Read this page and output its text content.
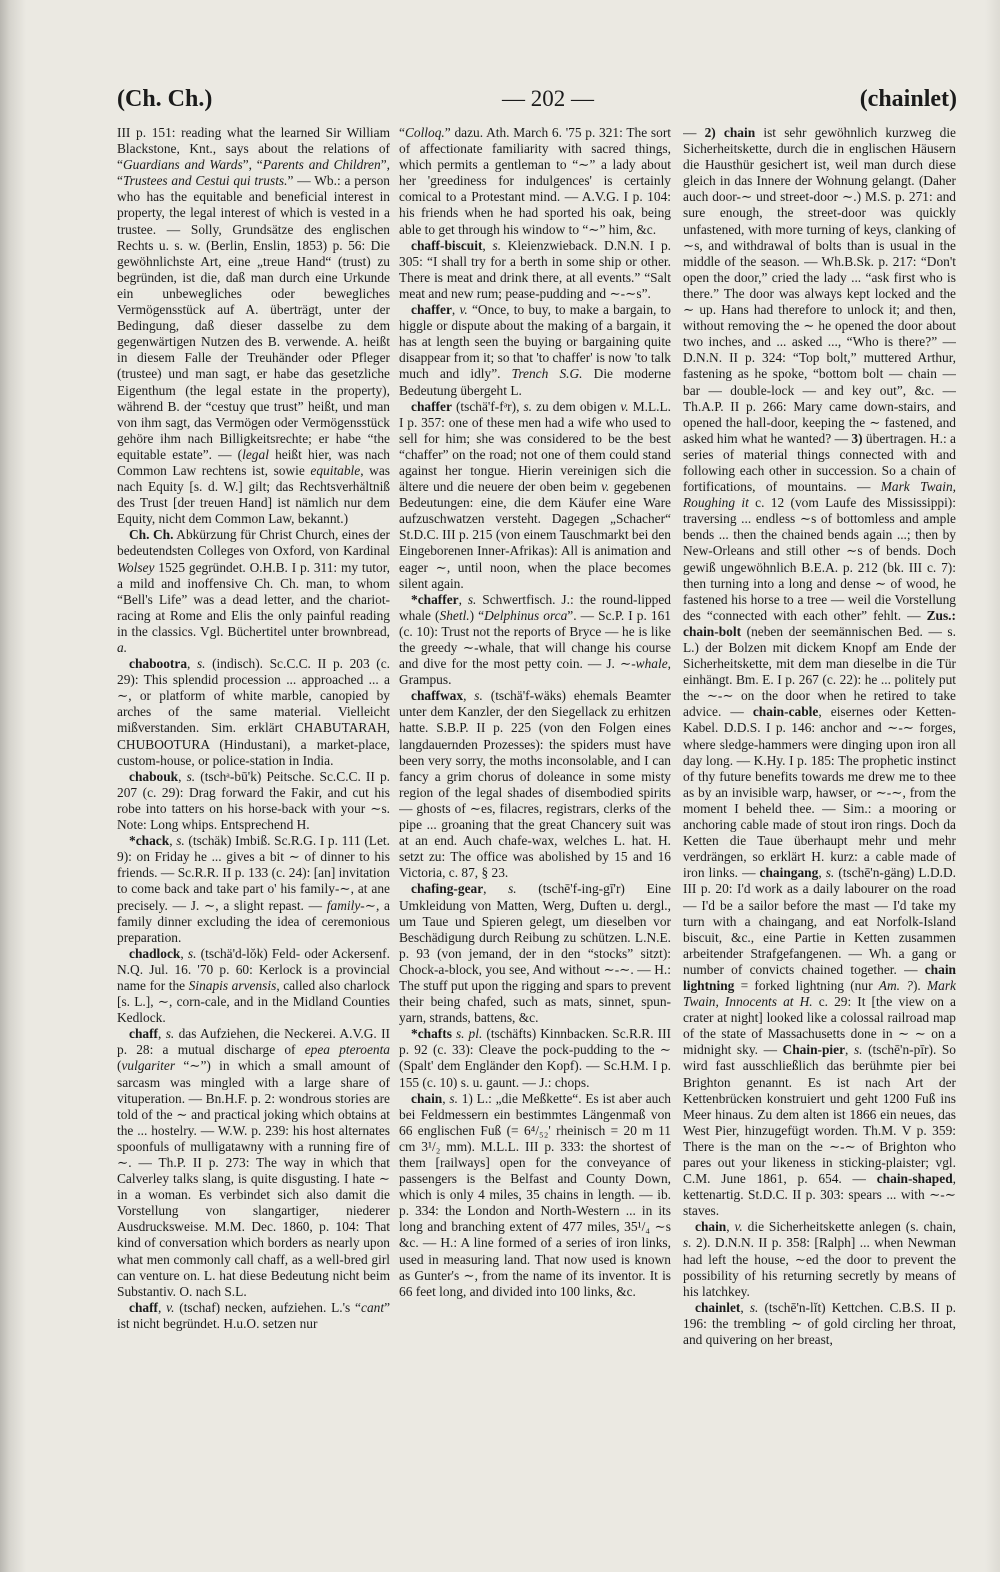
(Ch. Ch.)	— 202 —	(chainlet)

III p. 151: reading what the learned Sir William Blackstone, Knt., says about the relations of “Guardians and Wards”, “Parents and Children”, “Trustees and Cestui qui trusts.” — Wb.: a person who has the equitable and beneficial interest in property, the legal interest of which is vested in a trustee. — Solly, Grundsätze des englischen Rechts u. s. w. (Berlin, Enslin, 1853) p. 56: Die gewöhnlichste Art, eine „treue Hand“ (trust) zu begründen, ist die, daß man durch eine Urkunde ein unbewegliches oder bewegliches Vermögensstück auf A. überträgt, unter der Bedingung, daß dieser dasselbe zu dem gegenwärtigen Nutzen des B. verwende. A. heißt in diesem Falle der Treuhänder oder Pfleger (trustee) und man sagt, er habe das gesetzliche Eigenthum (the legal estate in the property), während B. der “cestuy que trust” heißt, und man von ihm sagt, das Vermögen oder Vermögensstück gehöre ihm nach Billigkeitsrechte; er habe “the equitable estate”. — (legal heißt hier, was nach Common Law rechtens ist, sowie equitable, was nach Equity [s. d. W.] gilt; das Rechtsverhältniß des Trust [der treuen Hand] ist nämlich nur dem Equity, nicht dem Common Law, bekannt.)

Ch. Ch. Abkürzung für Christ Church, eines der bedeutendsten Colleges von Oxford, von Kardinal Wolsey 1525 gegründet. O.H.B. I p. 311: my tutor, a mild and inoffensive Ch. Ch. man, to whom “Bell's Life” was a dead letter, and the chariot-racing at Rome and Elis the only painful reading in the classics. Vgl. Büchertitel unter brownbread, a.

chabootra, s. (indisch). Sc.C.C. II p. 203 (c. 29): This splendid procession ... approached ... a ∼, or platform of white marble, canopied by arches of the same material. Vielleicht mißverstanden. Sim. erklärt CHABUTARAH, CHUBOOTURA (Hindustani), a market-place, custom-house, or police-station in India.

chabouk, s. (tschᵃ-bū'k) Peitsche. Sc.C.C. II p. 207 (c. 29): Drag forward the Fakir, and cut his robe into tatters on his horse-back with your ∼s. Note: Long whips. Entsprechend H.

*chack, s. (tschäk) Imbiß. Sc.R.G. I p. 111 (Let. 9): on Friday he ... gives a bit ∼ of dinner to his friends. — Sc.R.R. II p. 133 (c. 24): [an] invitation to come back and take part o' his family-∼, at ane precisely. — J. ∼, a slight repast. — family-∼, a family dinner excluding the idea of ceremonious preparation.

chadlock, s. (tschä'd-lŏk) Feld- oder Ackersenf. N.Q. Jul. 16. '70 p. 60: Kerlock is a provincial name for the Sinapis arvensis, called also charlock [s. L.], ∼, corn-cale, and in the Midland Counties Kedlock.

chaff, s. das Aufziehen, die Neckerei. A.V.G. II p. 28: a mutual discharge of epea pteroenta (vulgariter “∼”) in which a small amount of sarcasm was mingled with a large share of vituperation. — Bn.H.F. p. 2: wondrous stories are told of the ∼ and practical joking which obtains at the ... hostelry. — W.W. p. 239: his host alternates spoonfuls of mulligatawny with a running fire of ∼. — Th.P. II p. 273: The way in which that Calverley talks slang, is quite disgusting. I hate ∼ in a woman. Es verbindet sich also damit die Vorstellung von slangartiger, niederer Ausdrucksweise. M.M. Dec. 1860, p. 104: That kind of conversation which borders as nearly upon what men commonly call chaff, as a well-bred girl can venture on. L. hat diese Bedeutung nicht beim Substantiv. O. nach S.L.

chaff, v. (tschaf) necken, aufziehen. L.'s “cant” ist nicht begründet. H.u.O. setzen nur

“Colloq.” dazu. Ath. March 6. '75 p. 321: The sort of affectionate familiarity with sacred things, which permits a gentleman to “∼” a lady about her 'greediness for indulgences' is certainly comical to a Protestant mind. — A.V.G. I p. 104: his friends when he had sported his oak, being able to get through his window to “∼” him, &c.

chaff-biscuit, s. Kleienzwieback. D.N.N. I p. 305: “I shall try for a berth in some ship or other. There is meat and drink there, at all events.” “Salt meat and new rum; pease-pudding and ∼-∼s”.

chaffer, v. “Once, to buy, to make a bargain, to higgle or dispute about the making of a bargain, it has at length seen the buying or bargaining quite disappear from it; so that 'to chaffer' is now 'to talk much and idly”. Trench S.G. Die moderne Bedeutung übergeht L.

chaffer (tschä'f-fᵊr), s. zu dem obigen v. M.L.L. I p. 357: one of these men had a wife who used to sell for him; she was considered to be the best “chaffer” on the road; not one of them could stand against her tongue. Hierin vereinigen sich die ältere und die neuere der oben beim v. gegebenen Bedeutungen: eine, die dem Käufer eine Ware aufzuschwatzen versteht. Dagegen „Schacher“ St.D.C. III p. 215 (von einem Tauschmarkt bei den Eingeborenen Inner-Afrikas): All is animation and eager ∼, until noon, when the place becomes silent again.

*chaffer, s. Schwertfisch. J.: the round-lipped whale (Shetl.) “Delphinus orca”. — Sc.P. I p. 161 (c. 10): Trust not the reports of Bryce — he is like the greedy ∼-whale, that will change his course and dive for the most petty coin. — J. ∼-whale, Grampus.

chaffwax, s. (tschä'f-wäks) ehemals Beamter unter dem Kanzler, der den Siegellack zu erhitzen hatte. S.B.P. II p. 225 (von den Folgen eines langdauernden Prozesses): the spiders must have been very sorry, the moths inconsolable, and I can fancy a grim chorus of doleance in some misty region of the legal shades of disembodied spirits — ghosts of ∼es, filacres, registrars, clerks of the pipe ... groaning that the great Chancery suit was at an end. Auch chafe-wax, welches L. hat. H. setzt zu: The office was abolished by 15 and 16 Victoria, c. 87, § 23.

chafing-gear, s. (tschē'f-ing-gī'r) Eine Umkleidung von Matten, Werg, Duften u. dergl., um Taue und Spieren gelegt, um dieselben vor Beschädigung durch Reibung zu schützen. L.N.E. p. 93 (von jemand, der in den “stocks” sitzt): Chock-a-block, you see, And without ∼-∼. — H.: The stuff put upon the rigging and spars to prevent their being chafed, such as mats, sinnet, spun-yarn, strands, battens, &c.

*chafts s. pl. (tschäfts) Kinnbacken. Sc.R.R. III p. 92 (c. 33): Cleave the pock-pudding to the ∼ (Spalt' dem Engländer den Kopf). — Sc.H.M. I p. 155 (c. 10) s. u. gaunt. — J.: chops.

chain, s. 1) L.: „die Meßkette“. Es ist aber auch bei Feldmessern ein bestimmtes Längenmaß von 66 englischen Fuß (= 6⁴/₅₂' rheinisch = 20 m 11 cm 3¹/₂ mm). M.L.L. III p. 333: the shortest of them [railways] open for the conveyance of passengers is the Belfast and County Down, which is only 4 miles, 35 chains in length. — ib. p. 334: the London and North-Western ... in its long and branching extent of 477 miles, 35¹/₄ ∼s &c. — H.: A line formed of a series of iron links, used in measuring land. That now used is known as Gunter's ∼, from the name of its inventor. It is 66 feet long, and divided into 100 links, &c.

— 2) chain ist sehr gewöhnlich kurzweg die Sicherheitskette, durch die in englischen Häusern die Hausthür gesichert ist, weil man durch diese gleich in das Innere der Wohnung gelangt. (Daher auch door-∼ und street-door ∼.) M.S. p. 271: and sure enough, the street-door was quickly unfastened, with more turning of keys, clanking of ∼s, and withdrawal of bolts than is usual in the middle of the season. — Wh.B.Sk. p. 217: “Don't open the door,” cried the lady ... “ask first who is there.” The door was always kept locked and the ∼ up. Hans had therefore to unlock it; and then, without removing the ∼ he opened the door about two inches, and ... asked ..., “Who is there?” — D.N.N. II p. 324: “Top bolt,” muttered Arthur, fastening as he spoke, “bottom bolt — chain — bar — double-lock — and key out”, &c. — Th.A.P. II p. 266: Mary came down-stairs, and opened the hall-door, keeping the ∼ fastened, and asked him what he wanted? — 3) übertragen. H.: a series of material things connected with and following each other in succession. So a chain of fortifications, of mountains. — Mark Twain, Roughing it c. 12 (vom Laufe des Mississippi): traversing ... endless ∼s of bottomless and ample bends ... then the chained bends again ...; then by New-Orleans and still other ∼s of bends. Doch gewiß ungewöhnlich B.E.A. p. 212 (bk. III c. 7): then turning into a long and dense ∼ of wood, he fastened his horse to a tree — weil die Vorstellung des “connected with each other” fehlt. — Zus.: chain-bolt (neben der seemännischen Bed. — s. L.) der Bolzen mit dickem Knopf am Ende der Sicherheitskette, mit dem man dieselbe in die Tür einhängt. Bm. E. I p. 267 (c. 22): he ... politely put the ∼-∼ on the door when he retired to take advice. — chain-cable, eisernes oder Ketten-Kabel. D.D.S. I p. 146: anchor and ∼-∼ forges, where sledge-hammers were dinging upon iron all day long. — K.Hy. I p. 185: The prophetic instinct of thy future benefits towards me drew me to thee as by an invisible warp, hawser, or ∼-∼, from the moment I beheld thee. — Sim.: a mooring or anchoring cable made of stout iron rings. Doch da Ketten die Taue überhaupt mehr und mehr verdrängen, so erklärt H. kurz: a cable made of iron links. — chaingang, s. (tschē'n-gäng) L.D.D. III p. 20: I'd work as a daily labourer on the road — I'd be a sailor before the mast — I'd take my turn with a chaingang, and eat Norfolk-Island biscuit, &c., eine Partie in Ketten zusammen arbeitender Strafgefangenen. — Wh. a gang or number of convicts chained together. — chain lightning = forked lightning (nur Am. ?). Mark Twain, Innocents at H. c. 29: It [the view on a crater at night] looked like a colossal railroad map of the state of Massachusetts done in ∼ ∼ on a midnight sky. — Chain-pier, s. (tschē'n-pīr). So wird fast ausschließlich das berühmte pier bei Brighton genannt. Es ist nach Art der Kettenbrücken konstruiert und geht 1200 Fuß ins Meer hinaus. Zu dem alten ist 1866 ein neues, das West Pier, hinzugefügt worden. Th.M. V p. 359: There is the man on the ∼-∼ of Brighton who pares out your likeness in sticking-plaister; vgl. C.M. June 1861, p. 654. — chain-shaped, kettenartig. St.D.C. II p. 303: spears ... with ∼-∼ staves.

chain, v. die Sicherheitskette anlegen (s. chain, s. 2). D.N.N. II p. 358: [Ralph] ... when Newman had left the house, ∼ed the door to prevent the possibility of his returning secretly by means of his latchkey.

chainlet, s. (tschē'n-lĭt) Kettchen. C.B.S. II p. 196: the trembling ∼ of gold circling her throat, and quivering on her breast,
